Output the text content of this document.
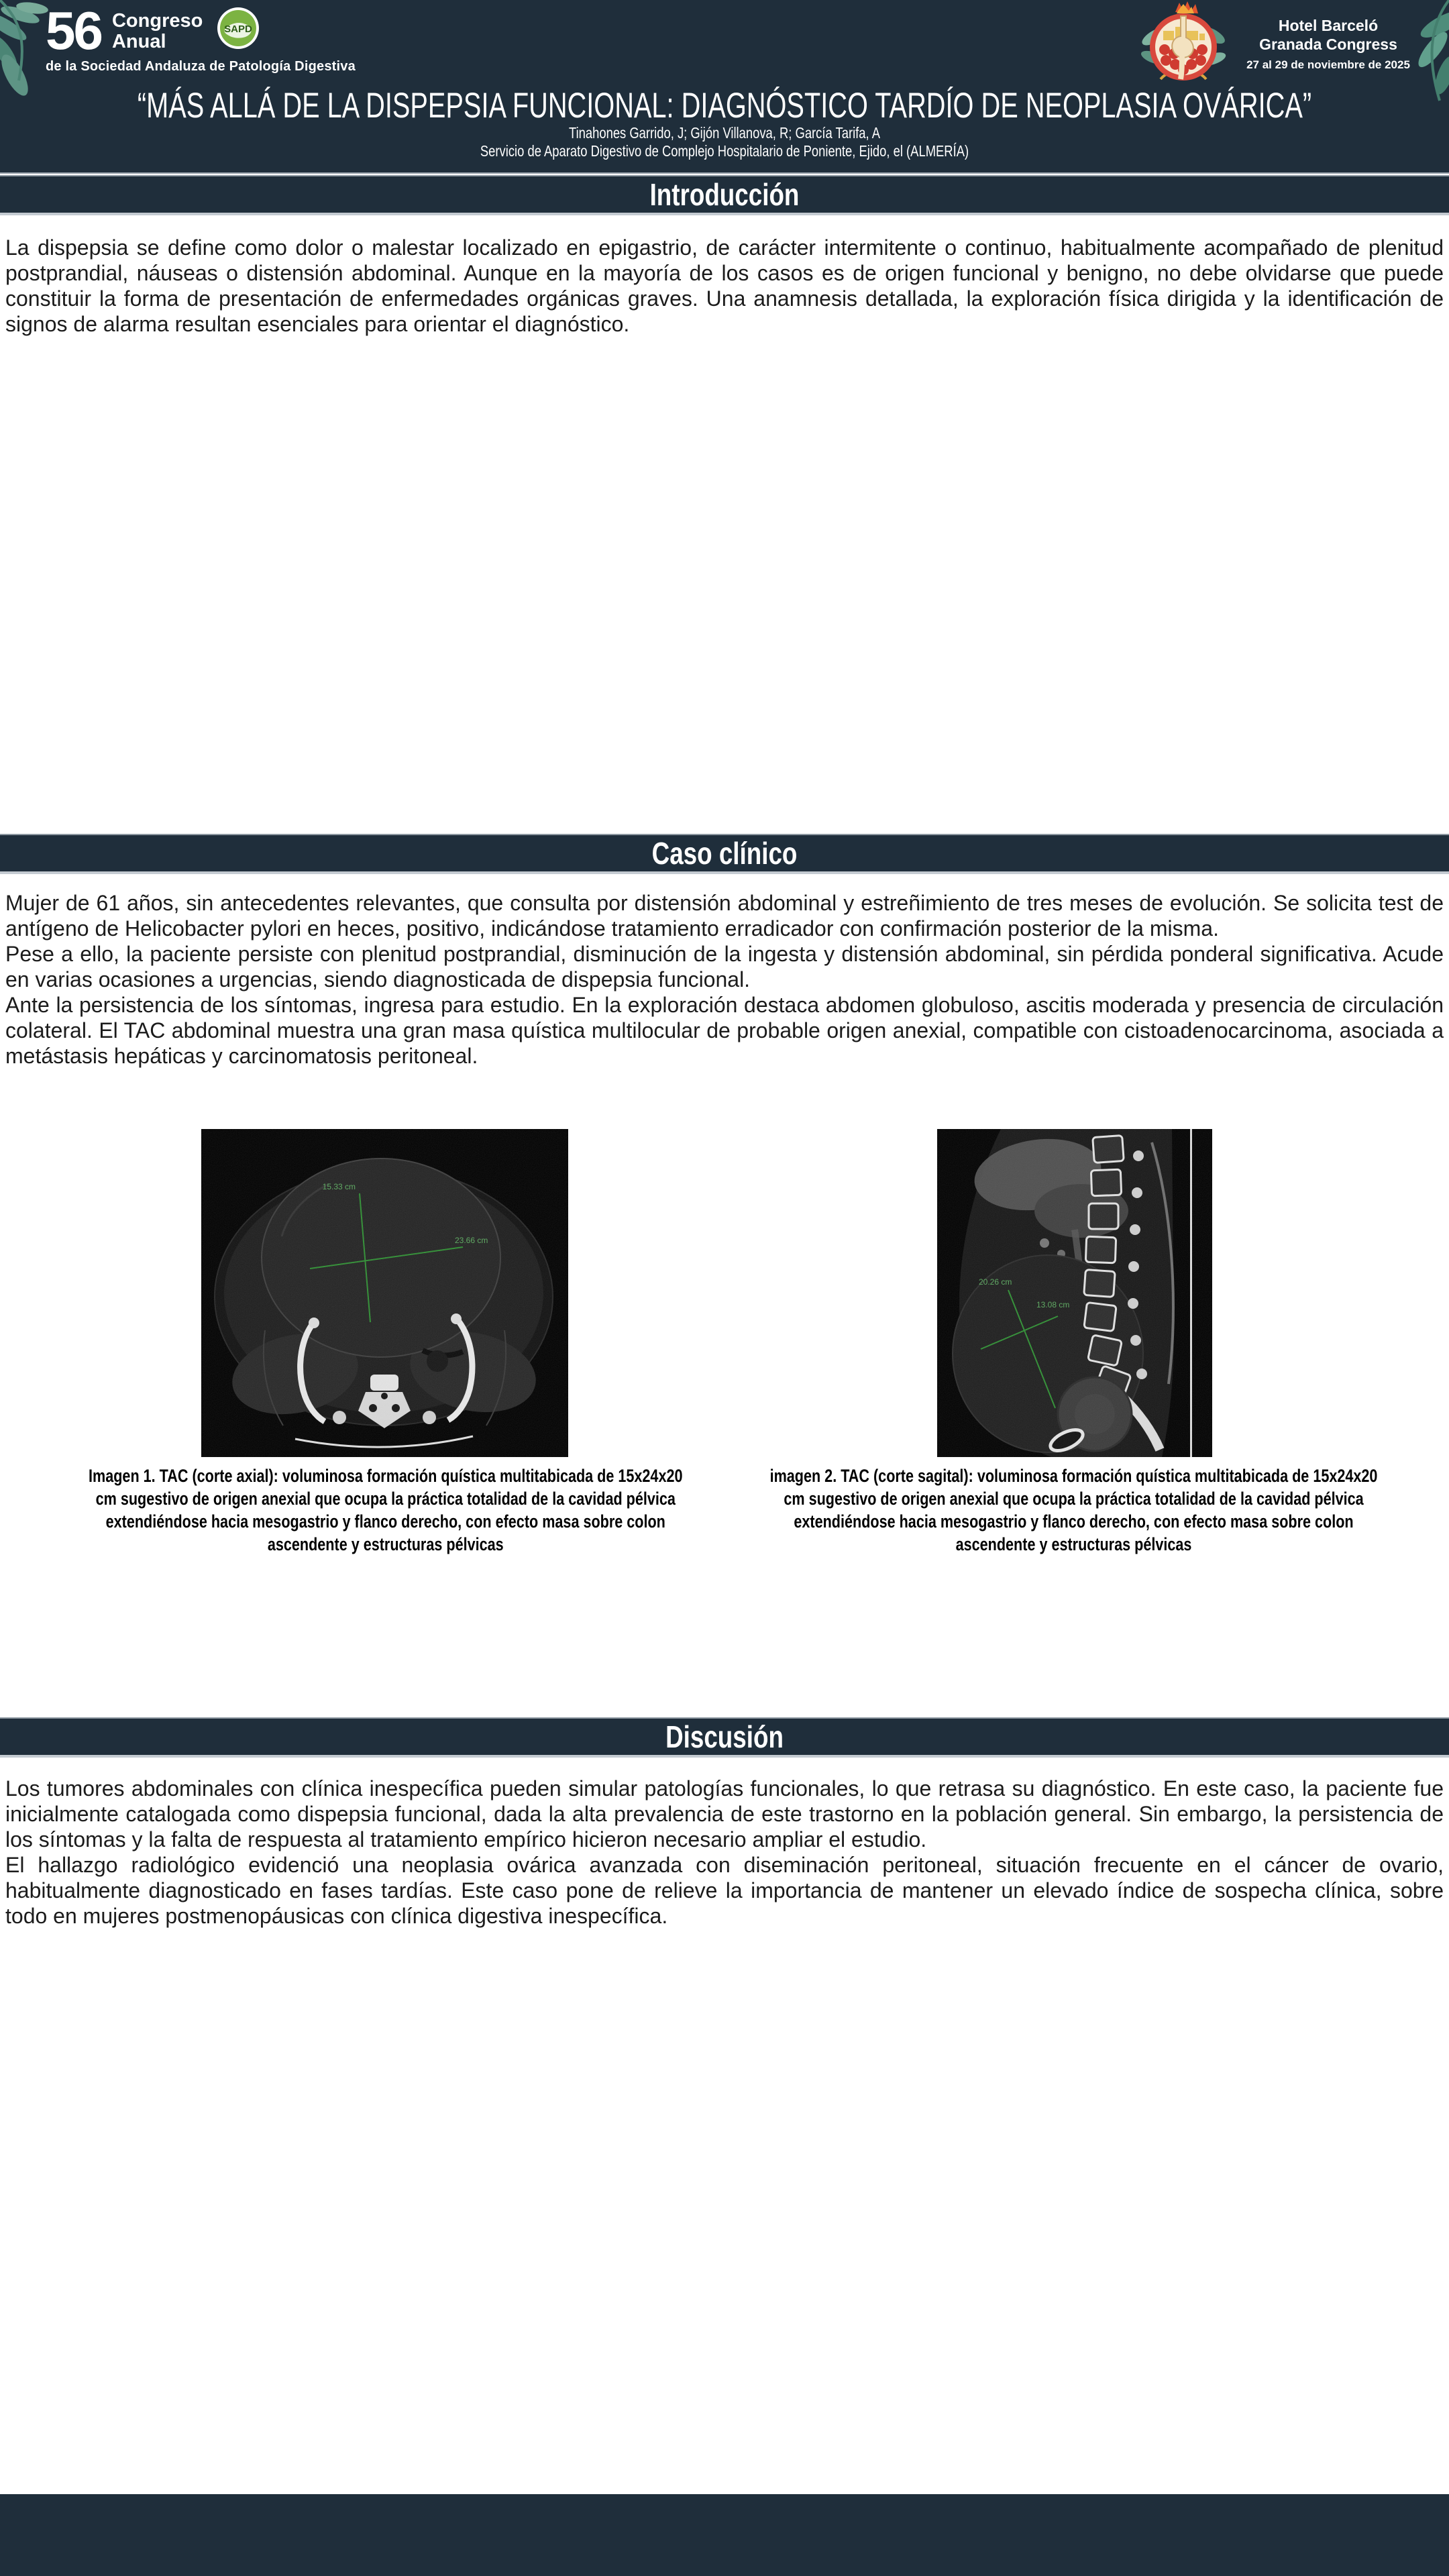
56 Congreso
Anual
de la Sociedad Andaluza de Patología Digestiva
SAPD	Hotel Barceló
Granada Congress
27 al 29 de noviembre de 2025
“MÁS ALLÁ DE LA DISPEPSIA FUNCIONAL: DIAGNÓSTICO TARDÍO DE NEOPLASIA OVÁRICA”
Tinahones Garrido, J; Gijón Villanova, R; García Tarifa, A
Servicio de Aparato Digestivo de Complejo Hospitalario de Poniente, Ejido, el (ALMERÍA)
Introducción

La dispepsia se define como dolor o malestar localizado en epigastrio, de carácter intermitente o continuo, habitualmente acompañado de plenitud postprandial, náuseas o distensión abdominal. Aunque en la mayoría de los casos es de origen funcional y benigno, no debe olvidarse que puede constituir la forma de presentación de enfermedades orgánicas graves. Una anamnesis detallada, la exploración física dirigida y la identificación de signos de alarma resultan esenciales para orientar el diagnóstico.

Caso clínico

Mujer de 61 años, sin antecedentes relevantes, que consulta por distensión abdominal y estreñimiento de tres meses de evolución. Se solicita test de antígeno de Helicobacter pylori en heces, positivo, indicándose tratamiento erradicador con confirmación posterior de la misma.

Pese a ello, la paciente persiste con plenitud postprandial, disminución de la ingesta y distensión abdominal, sin pérdida ponderal significativa. Acude en varias ocasiones a urgencias, siendo diagnosticada de dispepsia funcional.

Ante la persistencia de los síntomas, ingresa para estudio. En la exploración destaca abdomen globuloso, ascitis moderada y presencia de circulación colateral. El TAC abdominal muestra una gran masa quística multilocular de probable origen anexial, compatible con cistoadenocarcinoma, asociada a metástasis hepáticas y carcinomatosis peritoneal.

15.33 cm
23.66 cm
20.26 cm
13.08 cm
Imagen 1. TAC (corte axial): voluminosa formación quística multitabicada de 15x24x20 cm sugestivo de origen anexial que ocupa la práctica totalidad de la cavidad pélvica extendiéndose hacia mesogastrio y flanco derecho, con efecto masa sobre colon ascendente y estructuras pélvicas
imagen 2. TAC (corte sagital): voluminosa formación quística multitabicada de 15x24x20 cm sugestivo de origen anexial que ocupa la práctica totalidad de la cavidad pélvica extendiéndose hacia mesogastrio y flanco derecho, con efecto masa sobre colon ascendente y estructuras pélvicas
Discusión

Los tumores abdominales con clínica inespecífica pueden simular patologías funcionales, lo que retrasa su diagnóstico. En este caso, la paciente fue inicialmente catalogada como dispepsia funcional, dada la alta prevalencia de este trastorno en la población general. Sin embargo, la persistencia de los síntomas y la falta de respuesta al tratamiento empírico hicieron necesario ampliar el estudio.

El hallazgo radiológico evidenció una neoplasia ovárica avanzada con diseminación peritoneal, situación frecuente en el cáncer de ovario, habitualmente diagnosticado en fases tardías. Este caso pone de relieve la importancia de mantener un elevado índice de sospecha clínica, sobre todo en mujeres postmenopáusicas con clínica digestiva inespecífica.
